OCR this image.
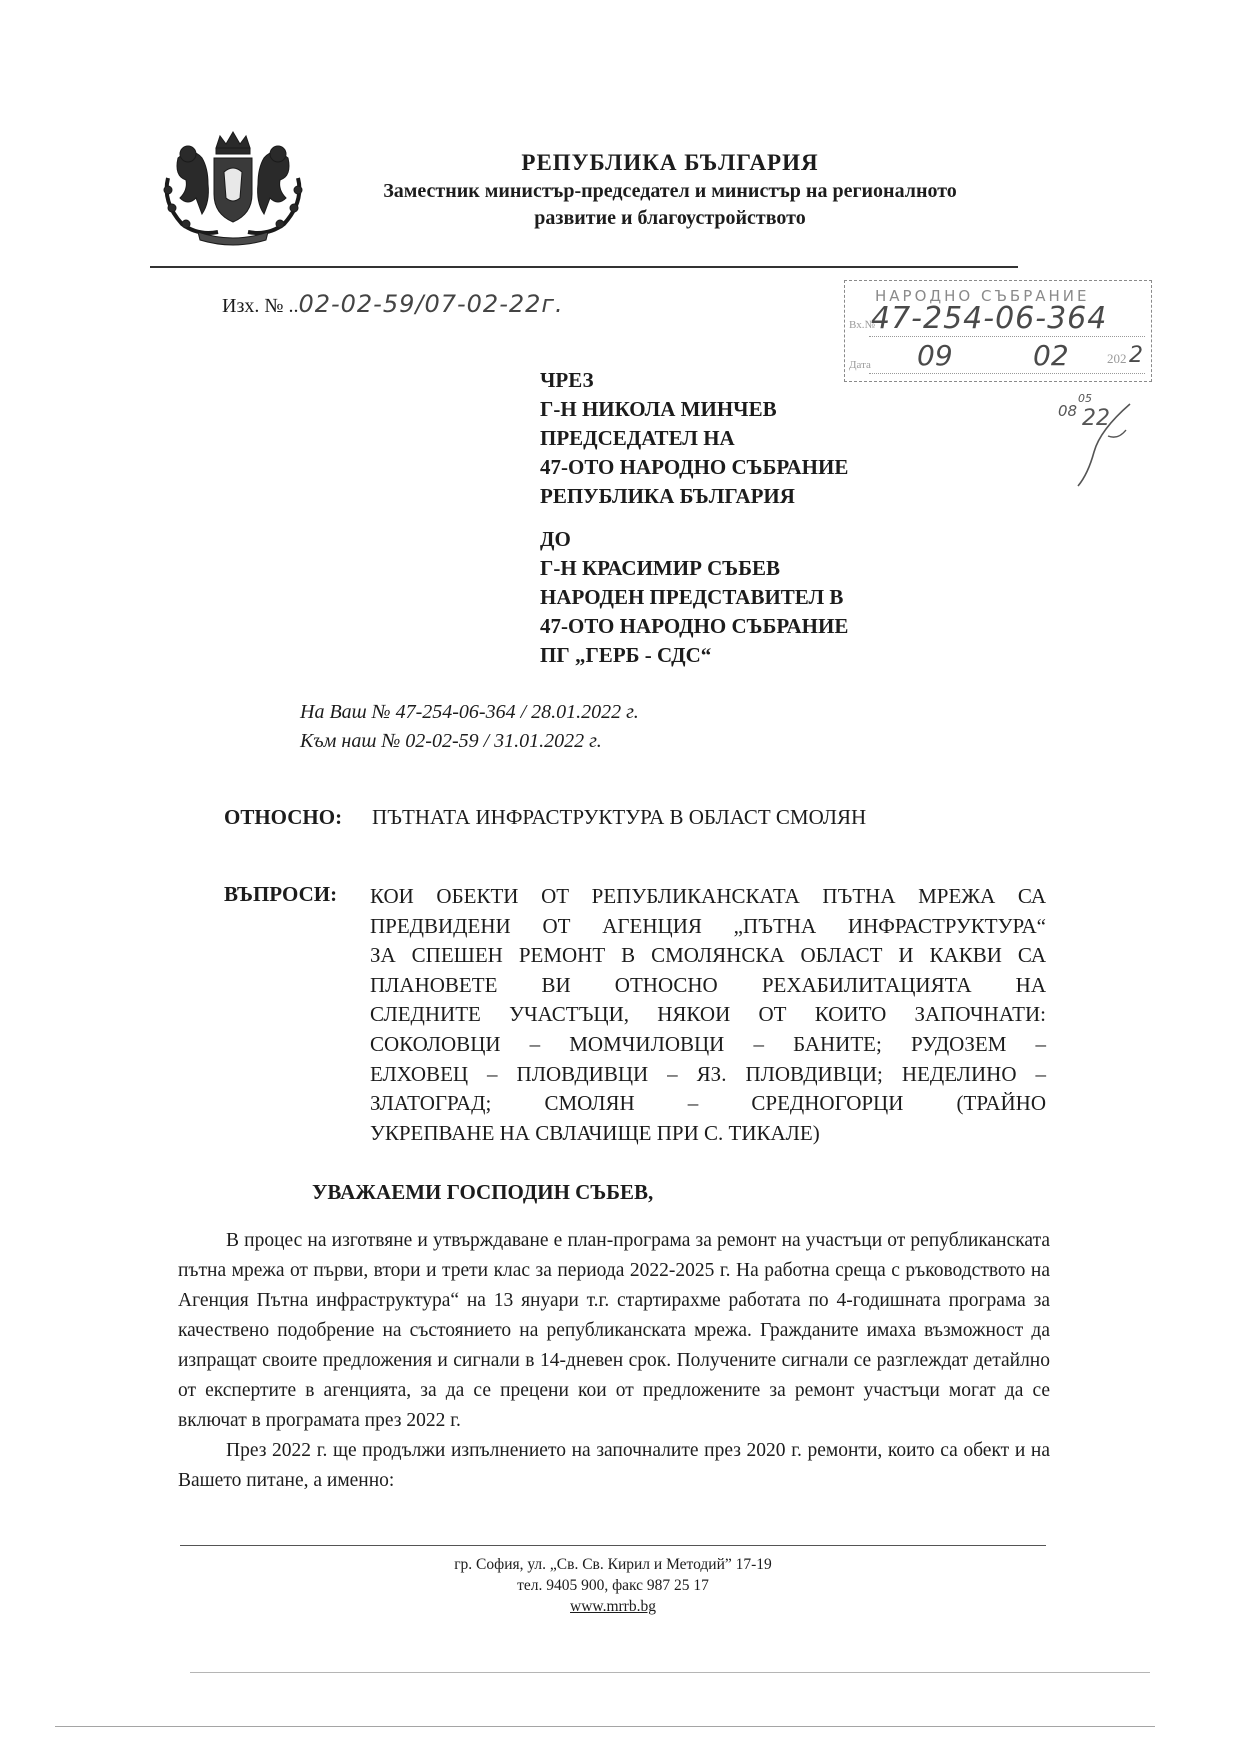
РЕПУБЛИКА БЪЛГАРИЯ
Заместник министър-председател и министър на регионалното
развитие и благоустройството
Изх. № ..02-02-59/07-02-22г.	НАРОДНО СЪБРАНИЕ
Вх.№
47-254-06-364
Дата 09	02	202 2
05
08 22
ЧРЕЗ
Г-Н НИКОЛА МИНЧЕВ
ПРЕДСЕДАТЕЛ НА
47-ОТО НАРОДНО СЪБРАНИЕ
РЕПУБЛИКА БЪЛГАРИЯ
ДО
Г-Н КРАСИМИР СЪБЕВ
НАРОДЕН ПРЕДСТАВИТЕЛ В
47-ОТО НАРОДНО СЪБРАНИЕ
ПГ „ГЕРБ - СДС“
На Ваш № 47-254-06-364 / 28.01.2022 г.
Към наш № 02-02-59 / 31.01.2022 г.
ОТНОСНО: ПЪТНАТА ИНФРАСТРУКТУРА В ОБЛАСТ СМОЛЯН
ВЪПРОСИ: КОИ ОБЕКТИ ОТ РЕПУБЛИКАНСКАТА ПЪТНА МРЕЖА СА
ПРЕДВИДЕНИ ОТ АГЕНЦИЯ „ПЪТНА ИНФРАСТРУКТУРА“
ЗА СПЕШЕН РЕМОНТ В СМОЛЯНСКА ОБЛАСТ И КАКВИ СА
ПЛАНОВЕТЕ ВИ ОТНОСНО РЕХАБИЛИТАЦИЯТА НА
СЛЕДНИТЕ УЧАСТЪЦИ, НЯКОИ ОТ КОИТО ЗАПОЧНАТИ:
СОКОЛОВЦИ – МОМЧИЛОВЦИ – БАНИТЕ; РУДОЗЕМ –
ЕЛХОВЕЦ – ПЛОВДИВЦИ – ЯЗ. ПЛОВДИВЦИ; НЕДЕЛИНО –
ЗЛАТОГРАД; СМОЛЯН – СРЕДНОГОРЦИ (ТРАЙНО
УКРЕПВАНЕ НА СВЛАЧИЩЕ ПРИ С. ТИКАЛЕ)
УВАЖАЕМИ ГОСПОДИН СЪБЕВ,

В процес на изготвяне и утвърждаване е план-програма за ремонт на участъци от републиканската пътна мрежа от първи, втори и трети клас за периода 2022-2025 г. На работна среща с ръководството на Агенция Пътна инфраструктура“ на 13 януари т.г. стартирахме работата по 4-годишната програма за качествено подобрение на състоянието на републиканската мрежа. Гражданите имаха възможност да изпращат своите предложения и сигнали в 14-дневен срок. Получените сигнали се разглеждат детайлно от експертите в агенцията, за да се прецени кои от предложените за ремонт участъци могат да се включат в програмата през 2022 г.

През 2022 г. ще продължи изпълнението на започналите през 2020 г. ремонти, които са обект и на Вашето питане, а именно:

гр. София, ул. „Св. Св. Кирил и Методий” 17-19
тел. 9405 900, факс 987 25 17
www.mrrb.bg
